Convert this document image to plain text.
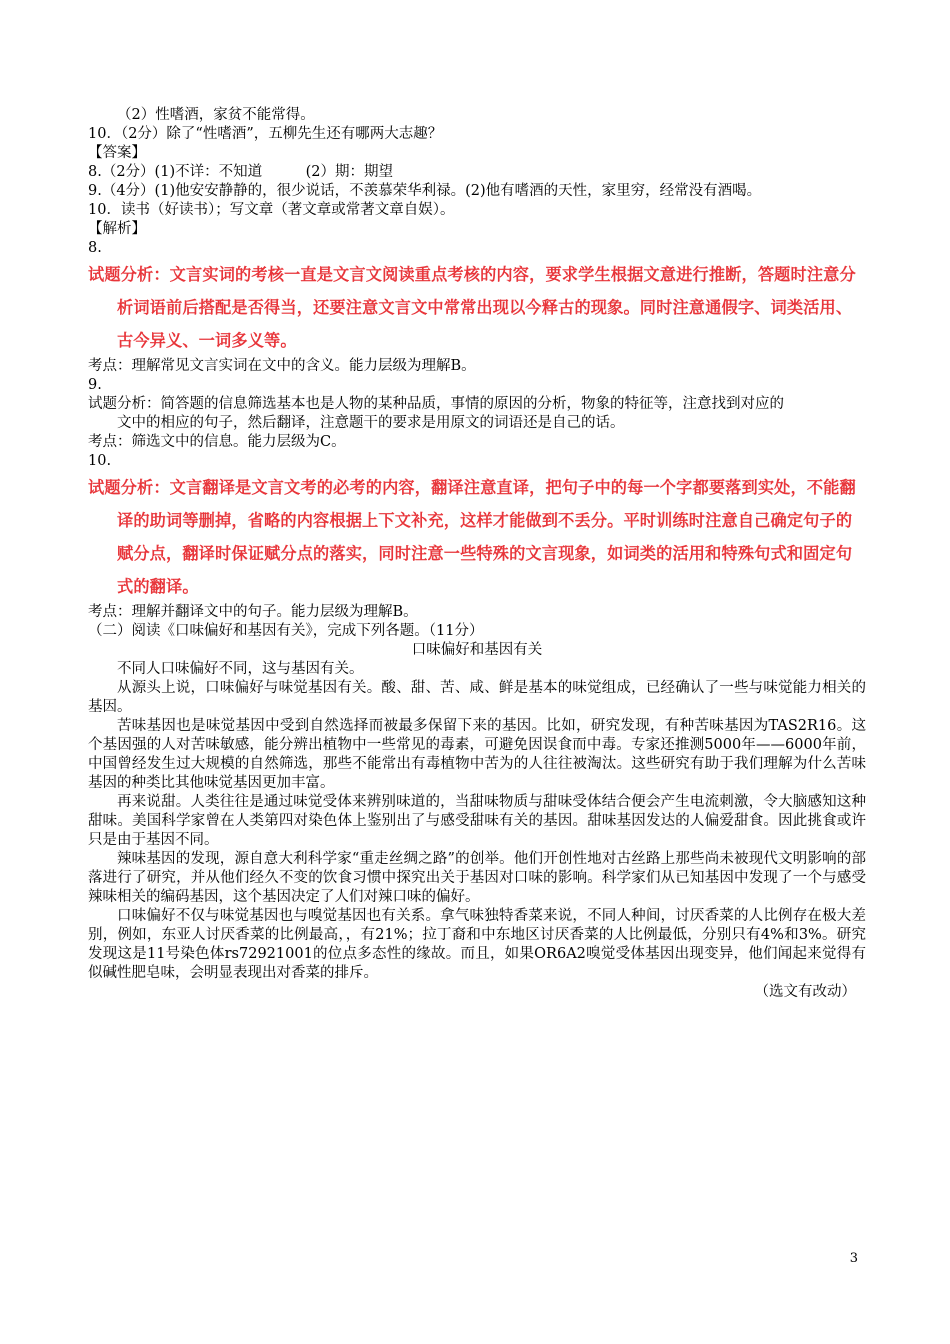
（2）性嗜酒，家贫不能常得。
10．（2分）除了“性嗜酒”，五柳先生还有哪两大志趣？
【答案】
8.（2分）(1)不详：不知道　　　(2）期：期望
9.（4分）(1)他安安静静的，很少说话，不羡慕荣华利禄。(2)他有嗜酒的天性，家里穷，经常没有酒喝。
10．读书（好读书）；写文章（著文章或常著文章自娱）。
【解析】
8.
试题分析：文言实词的考核一直是文言文阅读重点考核的内容，要求学生根据文意进行推断，答题时注意分析词语前后搭配是否得当，还要注意文言文中常常出现以今释古的现象。同时注意通假字、词类活用、古今异义、一词多义等。
考点：理解常见文言实词在文中的含义。能力层级为理解B。
9.
试题分析：简答题的信息筛选基本也是人物的某种品质，事情的原因的分析，物象的特征等，注意找到对应的
文中的相应的句子，然后翻译，注意题干的要求是用原文的词语还是自己的话。
考点：筛选文中的信息。能力层级为C。
10.
试题分析：文言翻译是文言文考的必考的内容，翻译注意直译，把句子中的每一个字都要落到实处，不能翻译的助词等删掉，省略的内容根据上下文补充，这样才能做到不丢分。平时训练时注意自己确定句子的赋分点，翻译时保证赋分点的落实，同时注意一些特殊的文言现象，如词类的活用和特殊句式和固定句式的翻译。
考点：理解并翻译文中的句子。能力层级为理解B。
（二）阅读《口味偏好和基因有关》，完成下列各题。（11分）
口味偏好和基因有关
不同人口味偏好不同，这与基因有关。
从源头上说，口味偏好与味觉基因有关。酸、甜、苦、咸、鲜是基本的味觉组成，已经确认了一些与味觉能力相关的基因。
苦味基因也是味觉基因中受到自然选择而被最多保留下来的基因。比如，研究发现，有种苦味基因为TAS2R16。这个基因强的人对苦味敏感，能分辨出植物中一些常见的毒素，可避免因误食而中毒。专家还推测5000年——6000年前，中国曾经发生过大规模的自然筛选，那些不能常出有毒植物中苦为的人往往被淘汰。这些研究有助于我们理解为什么苦味基因的种类比其他味觉基因更加丰富。
再来说甜。人类往往是通过味觉受体来辨别味道的，当甜味物质与甜味受体结合便会产生电流刺激，令大脑感知这种甜味。美国科学家曾在人类第四对染色体上鉴别出了与感受甜味有关的基因。甜味基因发达的人偏爱甜食。因此挑食或许只是由于基因不同。
辣味基因的发现，源自意大利科学家“重走丝绸之路”的创举。他们开创性地对古丝路上那些尚未被现代文明影响的部落进行了研究，并从他们经久不变的饮食习惯中探究出关于基因对口味的影响。科学家们从已知基因中发现了一个与感受辣味相关的编码基因，这个基因决定了人们对辣口味的偏好。
口味偏好不仅与味觉基因也与嗅觉基因也有关系。拿气味独特香菜来说，不同人种间，讨厌香菜的人比例存在极大差别，例如，东亚人讨厌香菜的比例最高，，有21%；拉丁裔和中东地区讨厌香菜的人比例最低，分别只有4%和3%。研究发现这是11号染色体rs72921001的位点多态性的缘故。而且，如果OR6A2嗅觉受体基因出现变异，他们闻起来觉得有似碱性肥皂味，会明显表现出对香菜的排斥。
（选文有改动）
3
